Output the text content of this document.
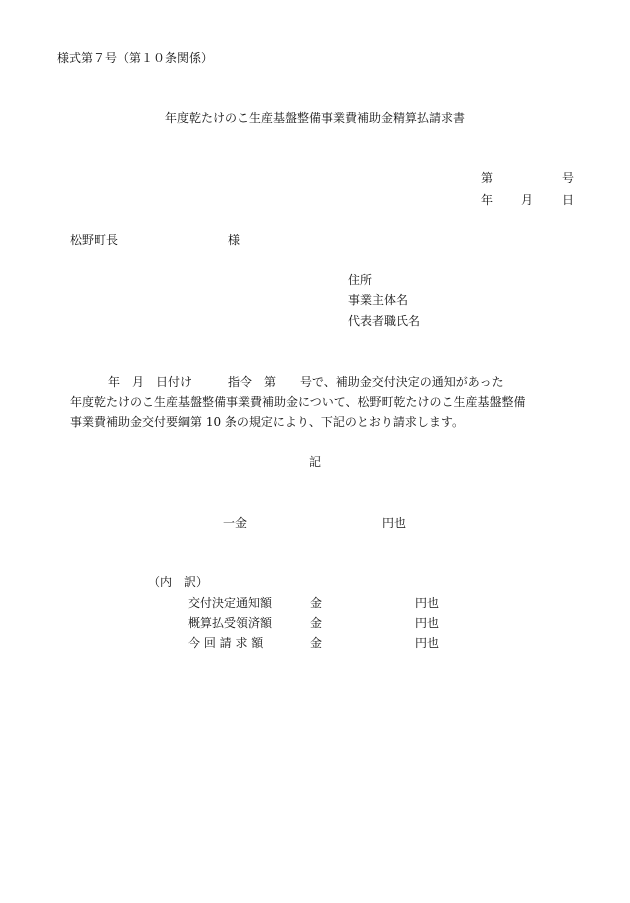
様式第７号（第１０条関係）
年度乾たけのこ生産基盤整備事業費補助金精算払請求書
第	号
年 月 日
松野町長	様
住所
事業主体名
代表者職氏名
年　月　日付け　　　指令　第　　号で、補助金交付決定の通知があった
年度乾たけのこ生産基盤整備事業費補助金について、松野町乾たけのこ生産基盤整備
事業費補助金交付要綱第 10 条の規定により、下記のとおり請求します。
記
一金	円也
（内　訳）
交付決定通知額	金	円也
概算払受領済額	金	円也
今 回 請 求 額	金	円也
